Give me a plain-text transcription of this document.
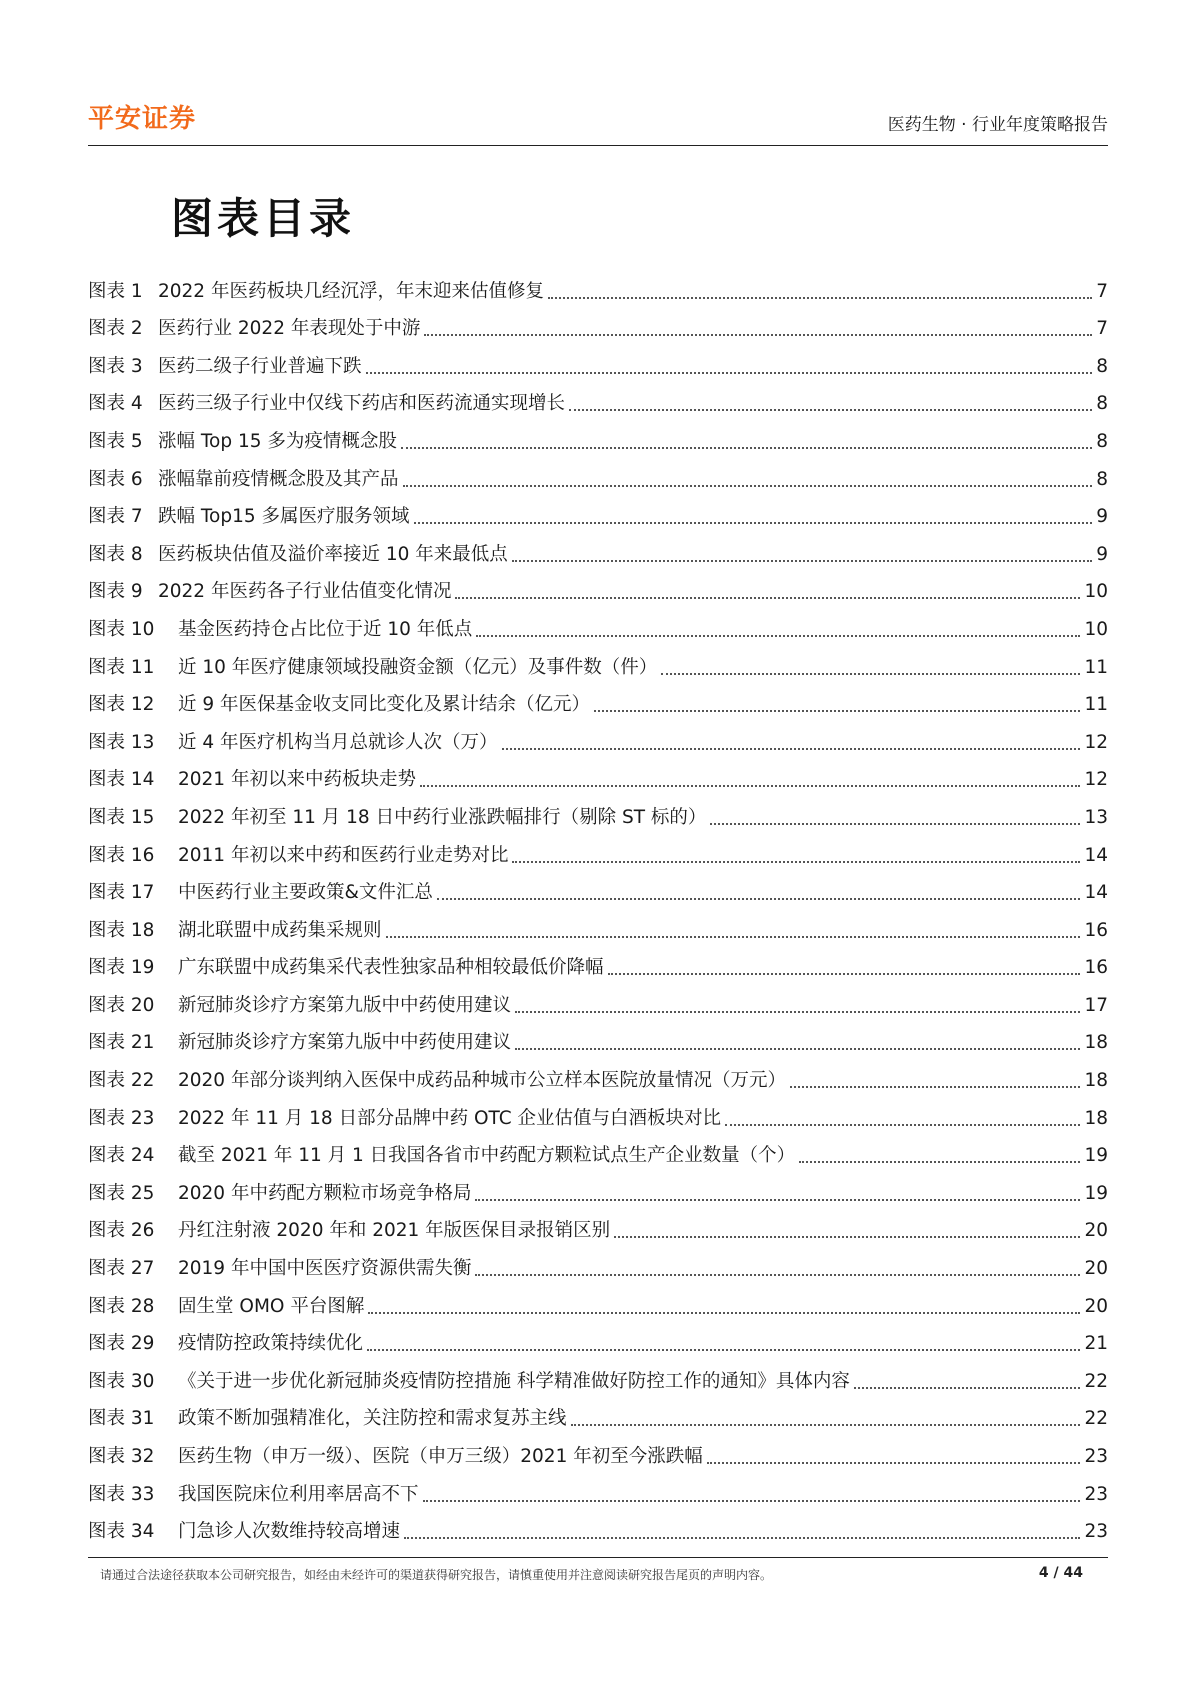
平安证券	医药生物 · 行业年度策略报告
图表目录
图表 1 2022 年医药板块几经沉浮，年末迎来估值修复	7
图表 2 医药行业 2022 年表现处于中游	7
图表 3 医药二级子行业普遍下跌	8
图表 4 医药三级子行业中仅线下药店和医药流通实现增长	8
图表 5 涨幅 Top 15 多为疫情概念股	8
图表 6 涨幅靠前疫情概念股及其产品	8
图表 7 跌幅 Top15 多属医疗服务领域	9
图表 8 医药板块估值及溢价率接近 10 年来最低点	9
图表 9 2022 年医药各子行业估值变化情况	10
图表 10	基金医药持仓占比位于近 10 年低点	10
图表 11	近 10 年医疗健康领域投融资金额（亿元）及事件数（件）	11
图表 12	近 9 年医保基金收支同比变化及累计结余（亿元）	11
图表 13	近 4 年医疗机构当月总就诊人次（万）	12
图表 14	2021 年初以来中药板块走势	12
图表 15	2022 年初至 11 月 18 日中药行业涨跌幅排行（剔除 ST 标的）	13
图表 16	2011 年初以来中药和医药行业走势对比	14
图表 17	中医药行业主要政策&文件汇总	14
图表 18	湖北联盟中成药集采规则	16
图表 19	广东联盟中成药集采代表性独家品种相较最低价降幅	16
图表 20	新冠肺炎诊疗方案第九版中中药使用建议	17
图表 21	新冠肺炎诊疗方案第九版中中药使用建议	18
图表 22	2020 年部分谈判纳入医保中成药品种城市公立样本医院放量情况（万元）	18
图表 23	2022 年 11 月 18 日部分品牌中药 OTC 企业估值与白酒板块对比	18
图表 24	截至 2021 年 11 月 1 日我国各省市中药配方颗粒试点生产企业数量（个）	19
图表 25	2020 年中药配方颗粒市场竞争格局	19
图表 26	丹红注射液 2020 年和 2021 年版医保目录报销区别	20
图表 27	2019 年中国中医医疗资源供需失衡	20
图表 28	固生堂 OMO 平台图解	20
图表 29	疫情防控政策持续优化	21
图表 30	《关于进一步优化新冠肺炎疫情防控措施 科学精准做好防控工作的通知》具体内容	22
图表 31	政策不断加强精准化，关注防控和需求复苏主线	22
图表 32	医药生物（申万一级）、医院（申万三级）2021 年初至今涨跌幅	23
图表 33	我国医院床位利用率居高不下	23
图表 34	门急诊人次数维持较高增速	23
请通过合法途径获取本公司研究报告，如经由未经许可的渠道获得研究报告，请慎重使用并注意阅读研究报告尾页的声明内容。	4 / 44
